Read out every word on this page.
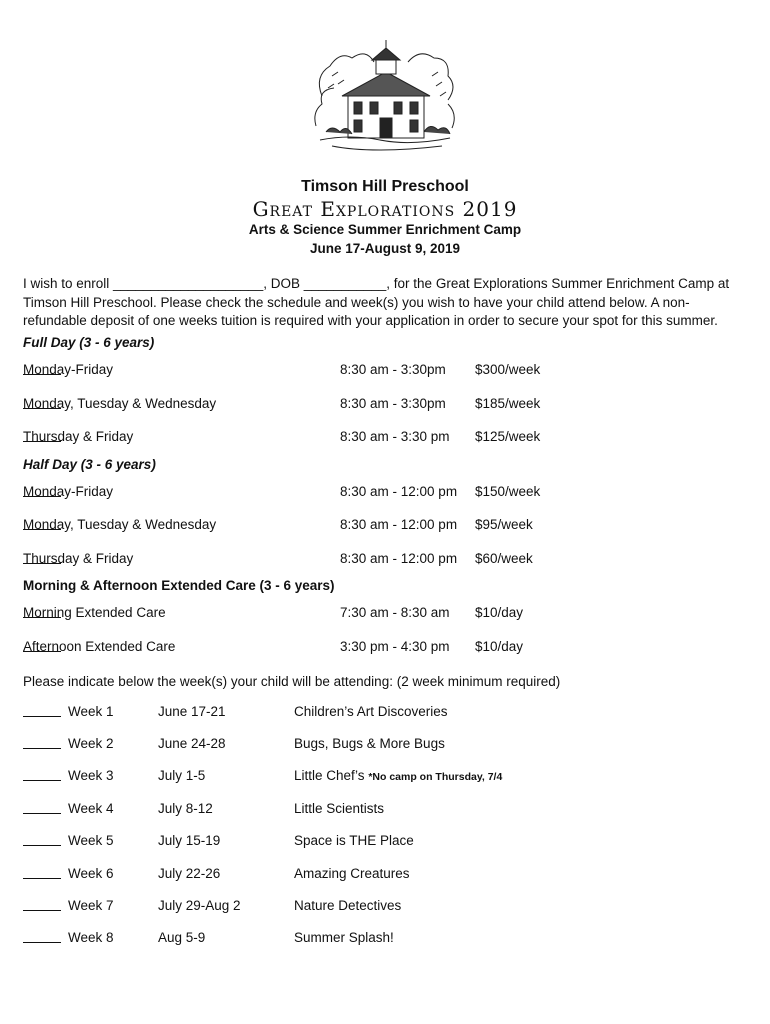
Timson Hill Preschool
Great Explorations 2019
Arts & Science Summer Enrichment Camp
June 17-August 9, 2019
I wish to enroll ____________________, DOB ___________, for the Great Explorations Summer Enrichment Camp at Timson Hill Preschool. Please check the schedule and week(s) you wish to have your child attend below. A non-refundable deposit of one weeks tuition is required with your application in order to secure your spot for this summer.
Full Day (3 - 6 years)
Monday-Friday	8:30 am - 3:30pm $300/week
Monday, Tuesday & Wednesday	8:30 am - 3:30pm $185/week
Thursday & Friday	8:30 am - 3:30 pm $125/week
Half Day (3 - 6 years)
Monday-Friday	8:30 am - 12:00 pm $150/week
Monday, Tuesday & Wednesday	8:30 am - 12:00 pm $95/week
Thursday & Friday	8:30 am - 12:00 pm $60/week
Morning & Afternoon Extended Care (3 - 6 years)
Morning Extended Care	7:30 am - 8:30 am $10/day
Afternoon Extended Care	3:30 pm - 4:30 pm $10/day
Please indicate below the week(s) your child will be attending: (2 week minimum required)
Week 1	June 17-21	Children’s Art Discoveries
Week 2	June 24-28	Bugs, Bugs & More Bugs
Week 3	July 1-5	Little Chef’s *No camp on Thursday, 7/4
Week 4	July 8-12	Little Scientists
Week 5	July 15-19	Space is THE Place
Week 6	July 22-26	Amazing Creatures
Week 7	July 29-Aug 2	Nature Detectives
Week 8	Aug 5-9	Summer Splash!
